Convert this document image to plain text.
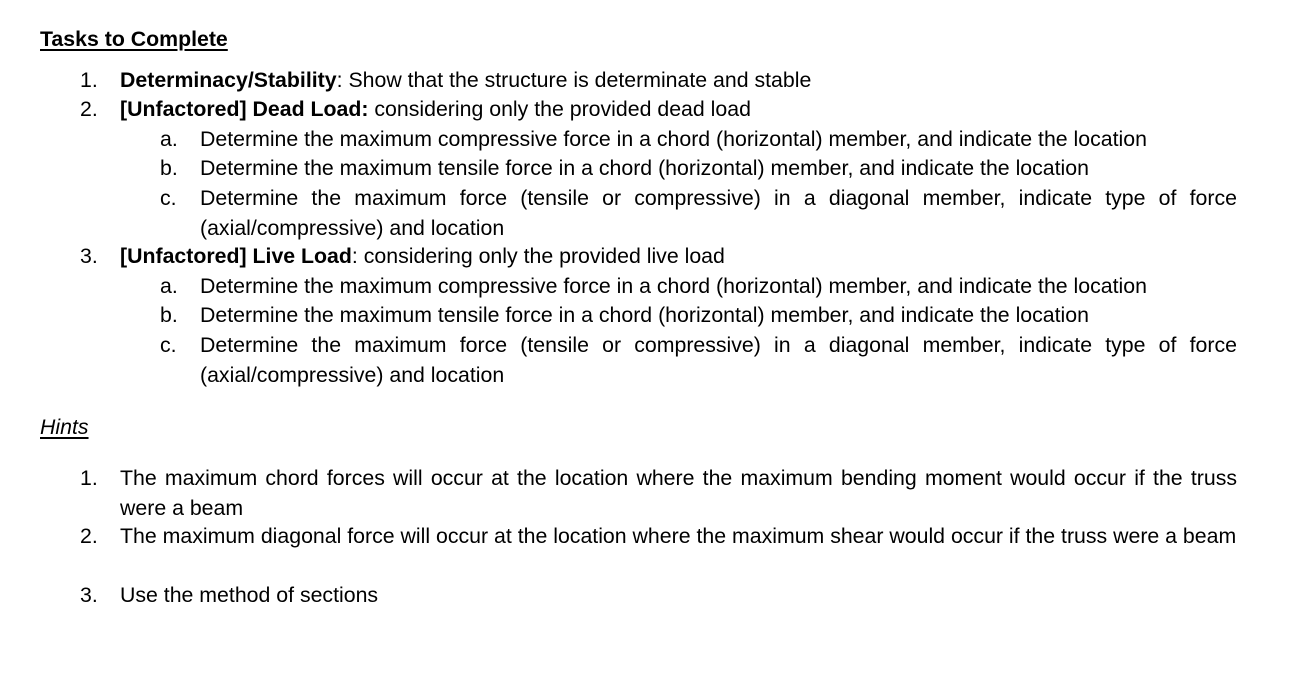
Tasks to Complete
1. Determinacy/Stability: Show that the structure is determinate and stable
2. [Unfactored] Dead Load: considering only the provided dead load
a. Determine the maximum compressive force in a chord (horizontal) member, and indicate the location
b. Determine the maximum tensile force in a chord (horizontal) member, and indicate the location
c.	Determine the maximum force (tensile or compressive) in a diagonal member, indicate type of force (axial/compressive) and location
3. [Unfactored] Live Load: considering only the provided live load
a. Determine the maximum compressive force in a chord (horizontal) member, and indicate the location
b. Determine the maximum tensile force in a chord (horizontal) member, and indicate the location
c.	Determine the maximum force (tensile or compressive) in a diagonal member, indicate type of force (axial/compressive) and location
Hints
1. The maximum chord forces will occur at the location where the maximum bending moment would occur if the truss were a beam
2. The maximum diagonal force will occur at the location where the maximum shear would occur if the truss were a beam
3. Use the method of sections
